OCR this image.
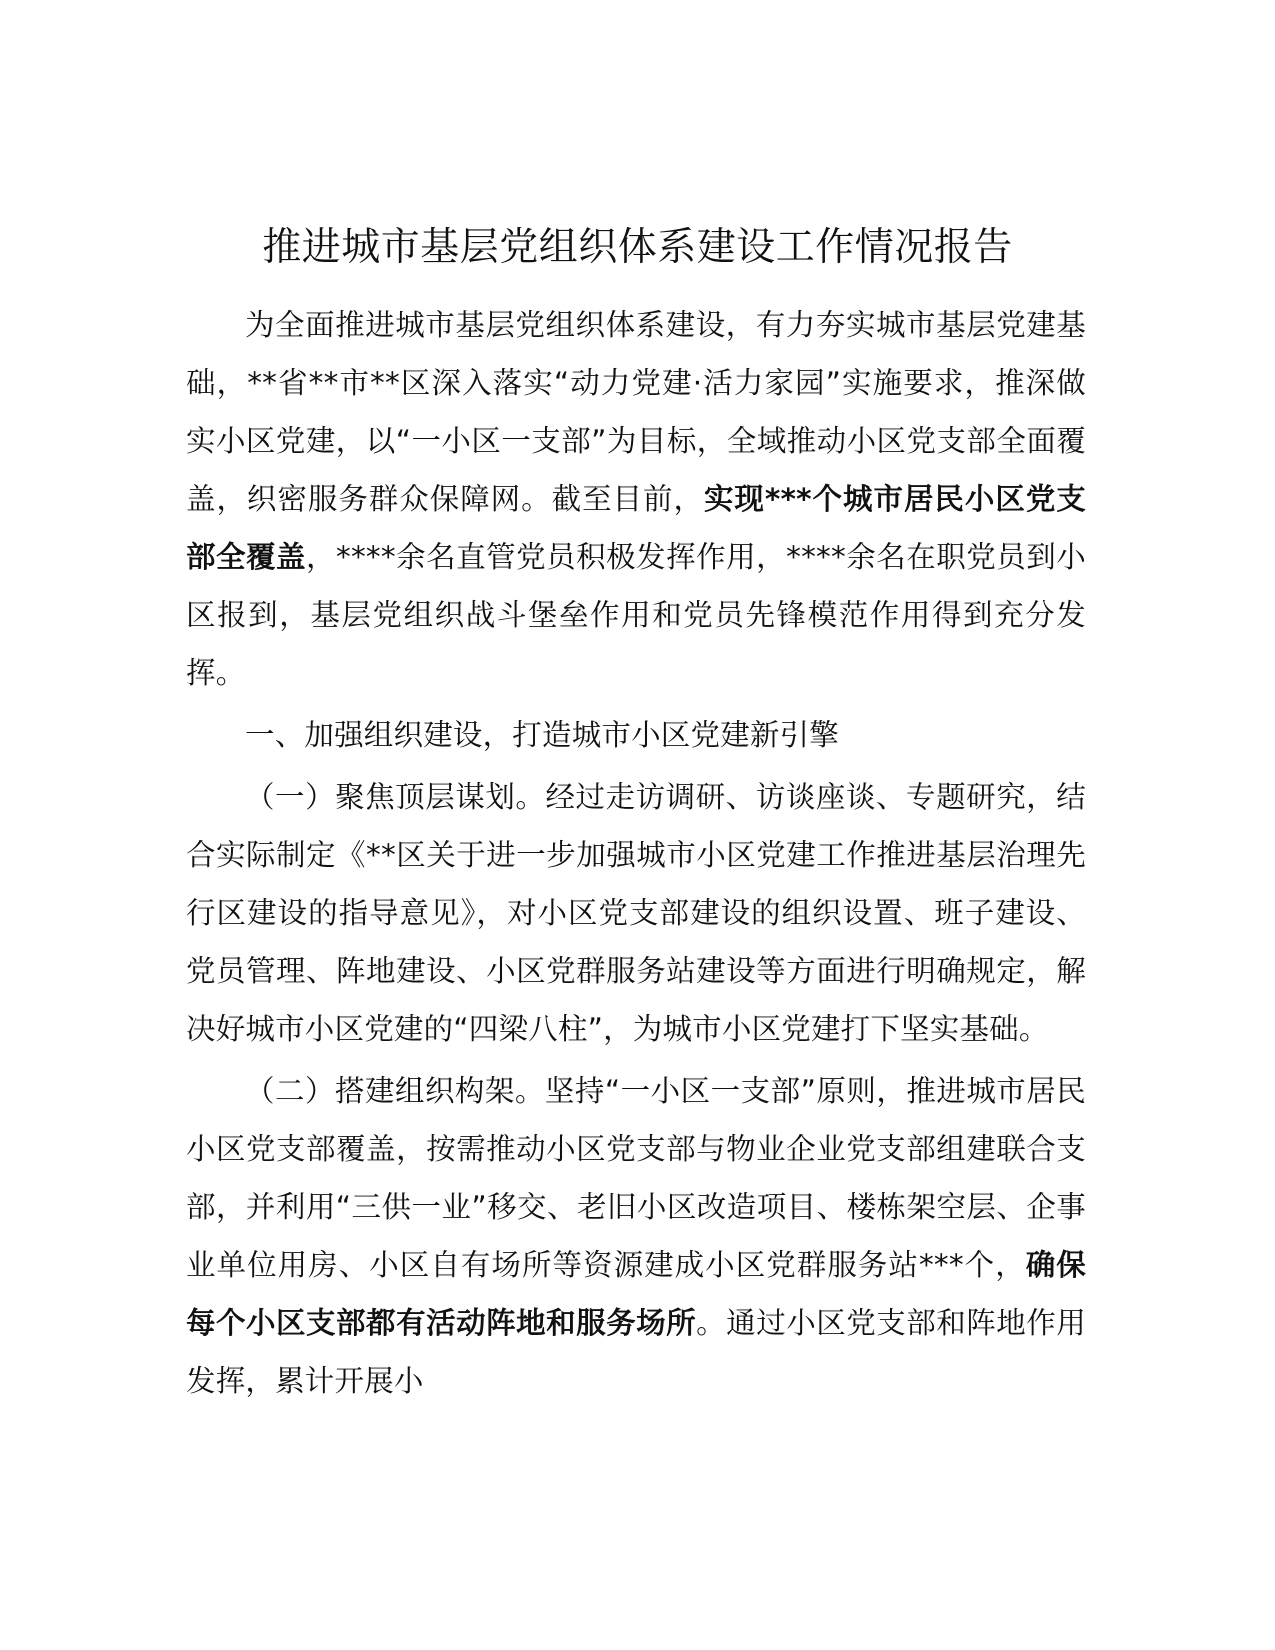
推进城市基层党组织体系建设工作情况报告

为全面推进城市基层党组织体系建设，有力夯实城市基层党建基础，**省**市**区深入落实“动力党建·活力家园”实施要求，推深做实小区党建，以“一小区一支部”为目标，全域推动小区党支部全面覆盖，织密服务群众保障网。截至目前，实现***个城市居民小区党支部全覆盖，****余名直管党员积极发挥作用，****余名在职党员到小区报到，基层党组织战斗堡垒作用和党员先锋模范作用得到充分发挥。

一、加强组织建设，打造城市小区党建新引擎

（一）聚焦顶层谋划。经过走访调研、访谈座谈、专题研究，结合实际制定《**区关于进一步加强城市小区党建工作推进基层治理先行区建设的指导意见》，对小区党支部建设的组织设置、班子建设、党员管理、阵地建设、小区党群服务站建设等方面进行明确规定，解决好城市小区党建的“四梁八柱”，为城市小区党建打下坚实基础。

（二）搭建组织构架。坚持“一小区一支部”原则，推进城市居民小区党支部覆盖，按需推动小区党支部与物业企业党支部组建联合支部，并利用“三供一业”移交、老旧小区改造项目、楼栋架空层、企事业单位用房、小区自有场所等资源建成小区党群服务站***个，确保每个小区支部都有活动阵地和服务场所。通过小区党支部和阵地作用发挥，累计开展小
